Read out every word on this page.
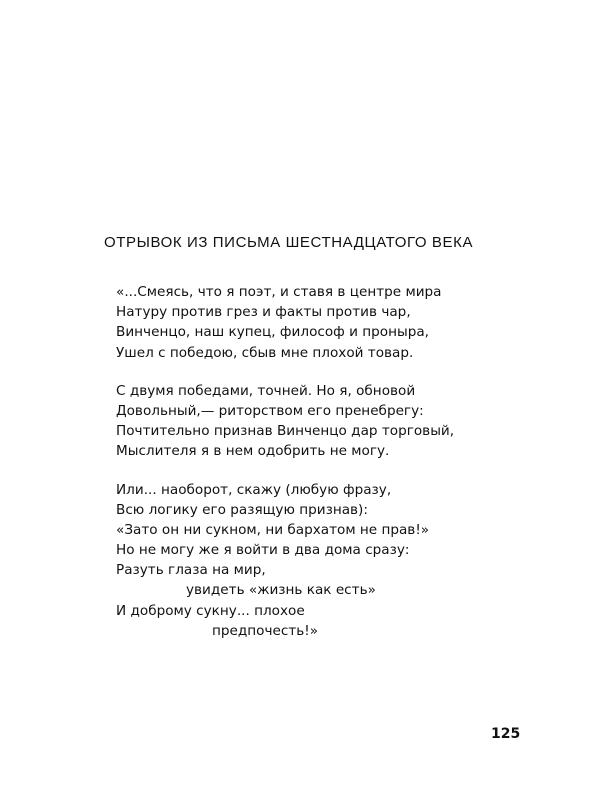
ОТРЫВОК ИЗ ПИСЬМА ШЕСТНАДЦАТОГО ВЕКА
«...Смеясь, что я поэт, и ставя в центре мира
Натуру против грез и факты против чар,
Винченцо, наш купец, философ и проныра,
Ушел с победою, сбыв мне плохой товар.
С двумя победами, точней. Но я, обновой
Довольный,— риторством его пренебрегу:
Почтительно признав Винченцо дар торговый,
Мыслителя я в нем одобрить не могу.
Или... наоборот, скажу (любую фразу,
Всю логику его разящую признав):
«Зато он ни сукном, ни бархатом не прав!»
Но не могу же я войти в два дома сразу:
Разуть глаза на мир,
увидеть «жизнь как есть»
И доброму сукну... плохое
предпочесть!»
125
